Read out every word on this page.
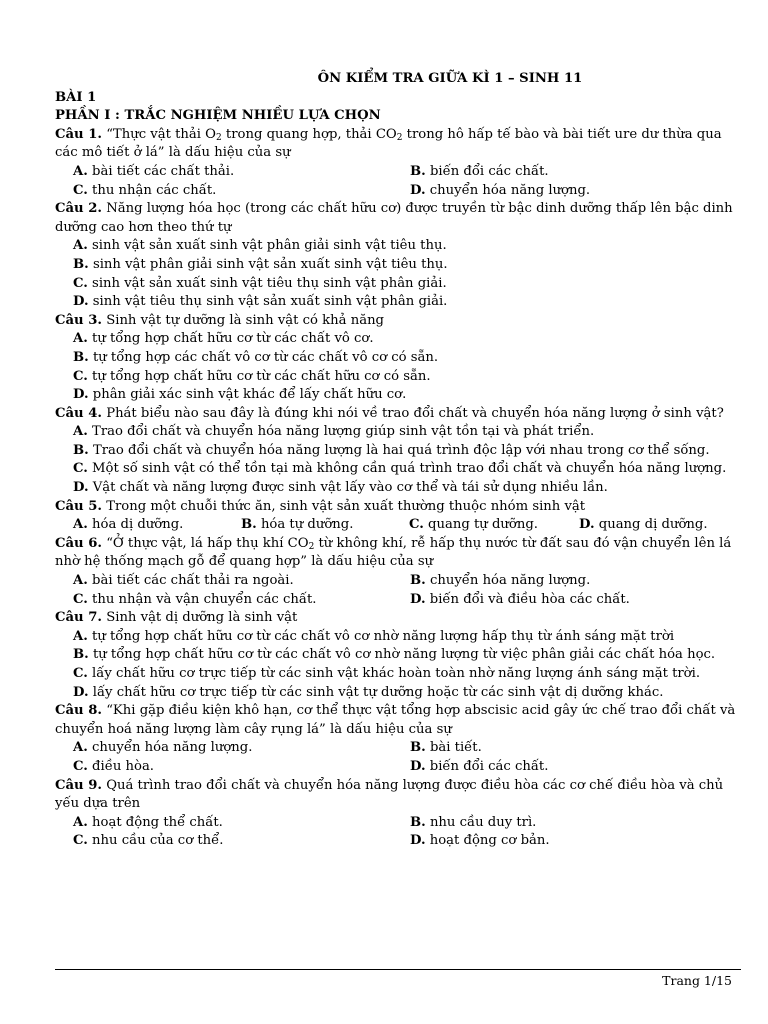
ÔN KIỂM TRA GIỮA KÌ 1 – SINH 11
BÀI 1
PHẦN I : TRẮC NGHIỆM NHIỀU LỰA CHỌN
Câu 1. “Thực vật thải $O_2$ trong quang hợp, thải $CO_2$ trong hô hấp tế bào và bài tiết ure dư thừa qua các mô tiết ở lá” là dấu hiệu của sự
A. bài tiết các chất thải.	B. biến đổi các chất.
C. thu nhận các chất.	D. chuyển hóa năng lượng.
Câu 2. Năng lượng hóa học (trong các chất hữu cơ) được truyền từ bậc dinh dưỡng thấp lên bậc dinh dưỡng cao hơn theo thứ tự
A. sinh vật sản xuất sinh vật phân giải sinh vật tiêu thụ.
B. sinh vật phân giải sinh vật sản xuất sinh vật tiêu thụ.
C. sinh vật sản xuất sinh vật tiêu thụ sinh vật phân giải.
D. sinh vật tiêu thụ sinh vật sản xuất sinh vật phân giải.
Câu 3. Sinh vật tự dưỡng là sinh vật có khả năng
A. tự tổng hợp chất hữu cơ từ các chất vô cơ.
B. tự tổng hợp các chất vô cơ từ các chất vô cơ có sẵn.
C. tự tổng hợp chất hữu cơ từ các chất hữu cơ có sẵn.
D. phân giải xác sinh vật khác để lấy chất hữu cơ.
Câu 4. Phát biểu nào sau đây là đúng khi nói về trao đổi chất và chuyển hóa năng lượng ở sinh vật?
A. Trao đổi chất và chuyển hóa năng lượng giúp sinh vật tồn tại và phát triển.
B. Trao đổi chất và chuyển hóa năng lượng là hai quá trình độc lập với nhau trong cơ thể sống.
C. Một số sinh vật có thể tồn tại mà không cần quá trình trao đổi chất và chuyển hóa năng lượng.
D. Vật chất và năng lượng được sinh vật lấy vào cơ thể và tái sử dụng nhiều lần.
Câu 5. Trong một chuỗi thức ăn, sinh vật sản xuất thường thuộc nhóm sinh vật
A. hóa dị dưỡng.	B. hóa tự dưỡng.	C. quang tự dưỡng.	D. quang dị dưỡng.
Câu 6. “Ở thực vật, lá hấp thụ khí $CO_2$ từ không khí, rễ hấp thụ nước từ đất sau đó vận chuyển lên lá nhờ hệ thống mạch gỗ để quang hợp” là dấu hiệu của sự
A. bài tiết các chất thải ra ngoài.	B. chuyển hóa năng lượng.
C. thu nhận và vận chuyển các chất.	D. biến đổi và điều hòa các chất.
Câu 7. Sinh vật dị dưỡng là sinh vật
A. tự tổng hợp chất hữu cơ từ các chất vô cơ nhờ năng lượng hấp thụ từ ánh sáng mặt trời
B. tự tổng hợp chất hữu cơ từ các chất vô cơ nhờ năng lượng từ việc phân giải các chất hóa học.
C. lấy chất hữu cơ trực tiếp từ các sinh vật khác hoàn toàn nhờ năng lượng ánh sáng mặt trời.
D. lấy chất hữu cơ trực tiếp từ các sinh vật tự dưỡng hoặc từ các sinh vật dị dưỡng khác.
Câu 8. “Khi gặp điều kiện khô hạn, cơ thể thực vật tổng hợp abscisic acid gây ức chế trao đổi chất và chuyển hoá năng lượng làm cây rụng lá” là dấu hiệu của sự
A. chuyển hóa năng lượng.	B. bài tiết.
C. điều hòa.	D. biến đổi các chất.
Câu 9. Quá trình trao đổi chất và chuyển hóa năng lượng được điều hòa các cơ chế điều hòa và chủ yếu dựa trên
A. hoạt động thể chất.	B. nhu cầu duy trì.
C. nhu cầu của cơ thể.	D. hoạt động cơ bản.
Trang 1/15
